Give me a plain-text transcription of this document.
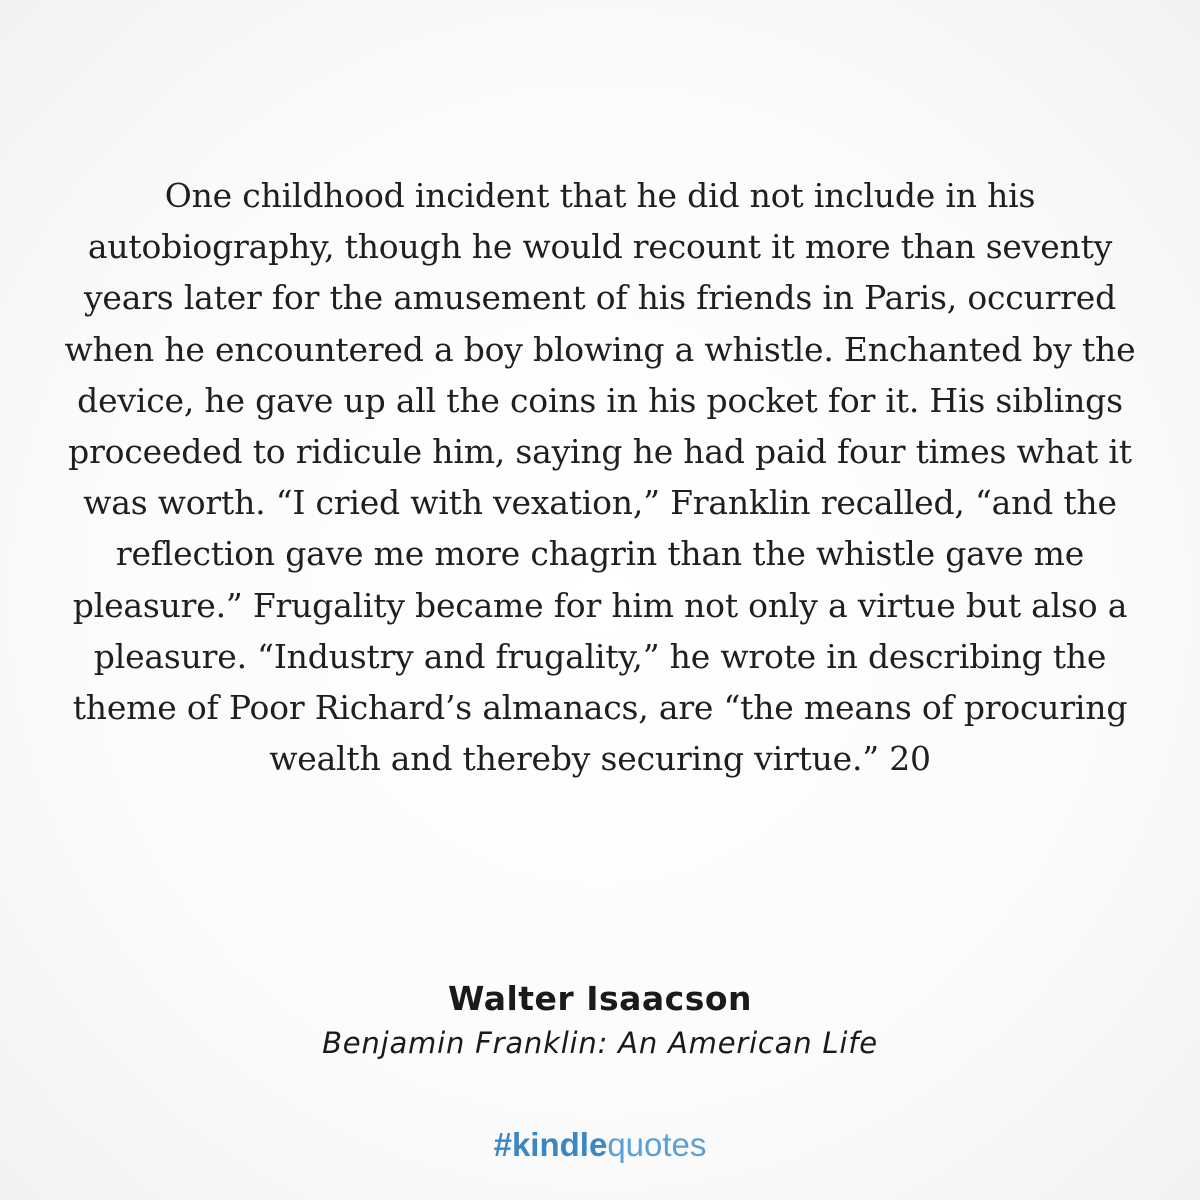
One childhood incident that he did not include in his autobiography, though he would recount it more than seventy years later for the amusement of his friends in Paris, occurred when he encountered a boy blowing a whistle. Enchanted by the device, he gave up all the coins in his pocket for it. His siblings proceeded to ridicule him, saying he had paid four times what it was worth. “I cried with vexation,” Franklin recalled, “and the reflection gave me more chagrin than the whistle gave me pleasure.” Frugality became for him not only a virtue but also a pleasure. “Industry and frugality,” he wrote in describing the theme of Poor Richard’s almanacs, are “the means of procuring wealth and thereby securing virtue.” 20

Walter Isaacson
Benjamin Franklin: An American Life
#kindlequotes
